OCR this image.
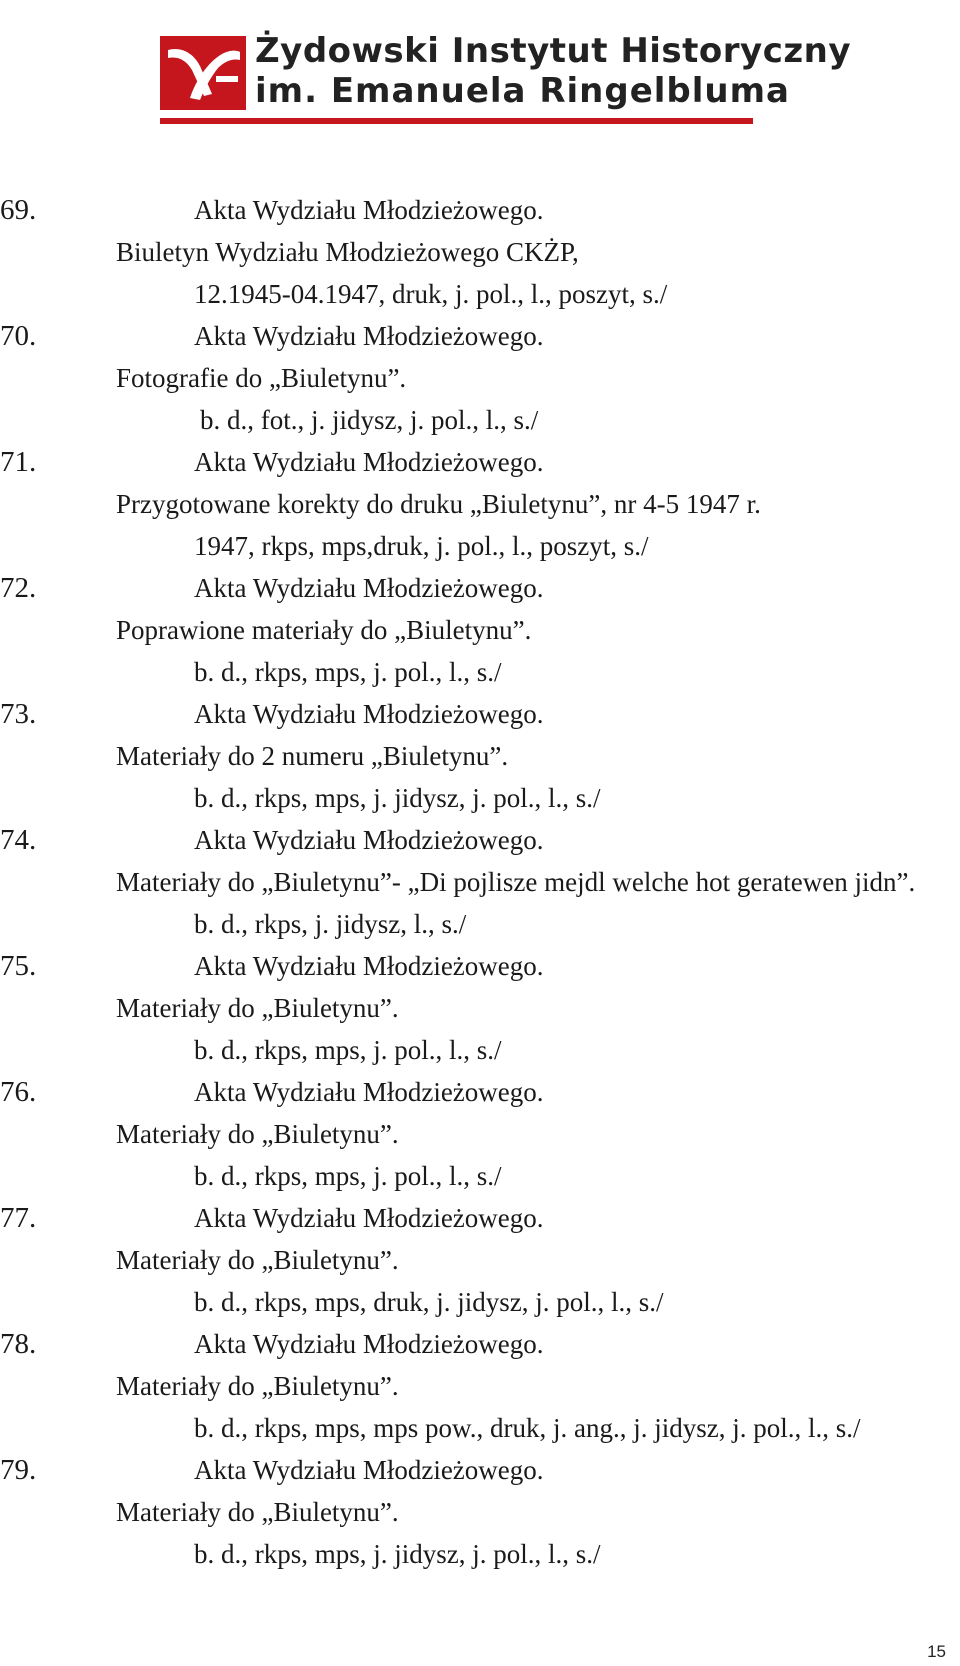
Żydowski Instytut Historyczny
im. Emanuela Ringelbluma
69.	Akta Wydziału Młodzieżowego.
Biuletyn Wydziału Młodzieżowego CKŻP,
12.1945-04.1947, druk, j. pol., l., poszyt, s./
70.	Akta Wydziału Młodzieżowego.
Fotografie do „Biuletynu”.
b. d., fot., j. jidysz, j. pol., l., s./
71.	Akta Wydziału Młodzieżowego.
Przygotowane korekty do druku „Biuletynu”, nr 4-5 1947 r.
1947, rkps, mps,druk, j. pol., l., poszyt, s./
72.	Akta Wydziału Młodzieżowego.
Poprawione materiały do „Biuletynu”.
b. d., rkps, mps, j. pol., l., s./
73.	Akta Wydziału Młodzieżowego.
Materiały do 2 numeru „Biuletynu”.
b. d., rkps, mps, j. jidysz, j. pol., l., s./
74.	Akta Wydziału Młodzieżowego.
Materiały do „Biuletynu”- „Di pojlisze mejdl welche hot geratewen jidn”.
b. d., rkps, j. jidysz, l., s./
75.	Akta Wydziału Młodzieżowego.
Materiały do „Biuletynu”.
b. d., rkps, mps, j. pol., l., s./
76.	Akta Wydziału Młodzieżowego.
Materiały do „Biuletynu”.
b. d., rkps, mps, j. pol., l., s./
77.	Akta Wydziału Młodzieżowego.
Materiały do „Biuletynu”.
b. d., rkps, mps, druk, j. jidysz, j. pol., l., s./
78.	Akta Wydziału Młodzieżowego.
Materiały do „Biuletynu”.
b. d., rkps, mps, mps pow., druk, j. ang., j. jidysz, j. pol., l., s./
79.	Akta Wydziału Młodzieżowego.
Materiały do „Biuletynu”.
b. d., rkps, mps, j. jidysz, j. pol., l., s./
15
